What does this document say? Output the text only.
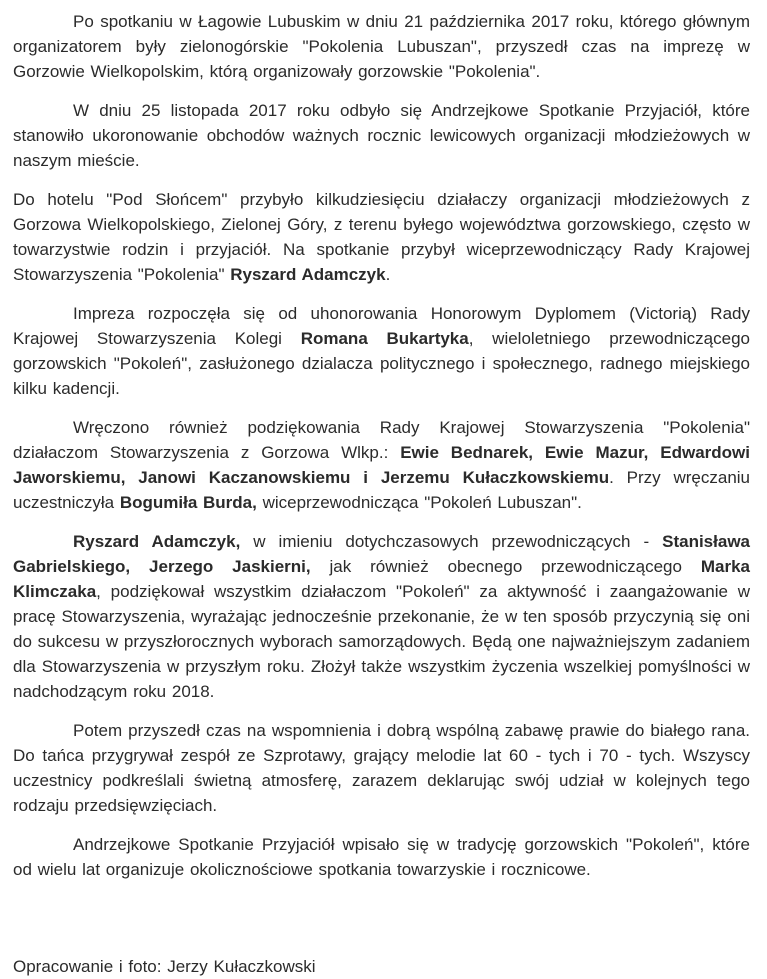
Po spotkaniu w Łagowie Lubuskim w dniu 21 października 2017 roku, którego głównym organizatorem były zielonogórskie "Pokolenia Lubuszan", przyszedł czas na imprezę w Gorzowie Wielkopolskim, którą organizowały gorzowskie "Pokolenia".

W dniu 25 listopada 2017 roku odbyło się Andrzejkowe Spotkanie Przyjaciół, które stanowiło ukoronowanie obchodów ważnych rocznic lewicowych organizacji młodzieżowych w naszym mieście.

Do hotelu "Pod Słońcem" przybyło kilkudziesięciu działaczy organizacji młodzieżowych z Gorzowa Wielkopolskiego, Zielonej Góry, z terenu byłego województwa gorzowskiego, często w towarzystwie rodzin i przyjaciół. Na spotkanie przybył wiceprzewodniczący Rady Krajowej Stowarzyszenia "Pokolenia" Ryszard Adamczyk.

Impreza rozpoczęła się od uhonorowania Honorowym Dyplomem (Victorią) Rady Krajowej Stowarzyszenia Kolegi Romana Bukartyka, wieloletniego przewodniczącego gorzowskich "Pokoleń", zasłużonego dzialacza politycznego i społecznego, radnego miejskiego kilku kadencji.

Wręczono również podziękowania Rady Krajowej Stowarzyszenia "Pokolenia" działaczom Stowarzyszenia z Gorzowa Wlkp.: Ewie Bednarek, Ewie Mazur, Edwardowi Jaworskiemu, Janowi Kaczanowskiemu i Jerzemu Kułaczkowskiemu. Przy wręczaniu uczestniczyła Bogumiła Burda, wiceprzewodnicząca "Pokoleń Lubuszan".

Ryszard Adamczyk, w imieniu dotychczasowych przewodniczących - Stanisława Gabrielskiego, Jerzego Jaskierni, jak również obecnego przewodniczącego Marka Klimczaka, podziękował wszystkim działaczom "Pokoleń" za aktywność i zaangażowanie w pracę Stowarzyszenia, wyrażając jednocześnie przekonanie, że w ten sposób przyczynią się oni do sukcesu w przyszłorocznych wyborach samorządowych. Będą one najważniejszym zadaniem dla Stowarzyszenia w przyszłym roku. Złożył także wszystkim życzenia wszelkiej pomyślności w nadchodzącym roku 2018.

Potem przyszedł czas na wspomnienia i dobrą wspólną zabawę prawie do białego rana. Do tańca przygrywał zespół ze Szprotawy, grający melodie lat 60 - tych i 70 - tych. Wszyscy uczestnicy podkreślali świetną atmosferę, zarazem deklarując swój udział w kolejnych tego rodzaju przedsięwzięciach.

Andrzejkowe Spotkanie Przyjaciół wpisało się w tradycję gorzowskich "Pokoleń", które od wielu lat organizuje okolicznościowe spotkania towarzyskie i rocznicowe.

Opracowanie i foto: Jerzy Kułaczkowski
